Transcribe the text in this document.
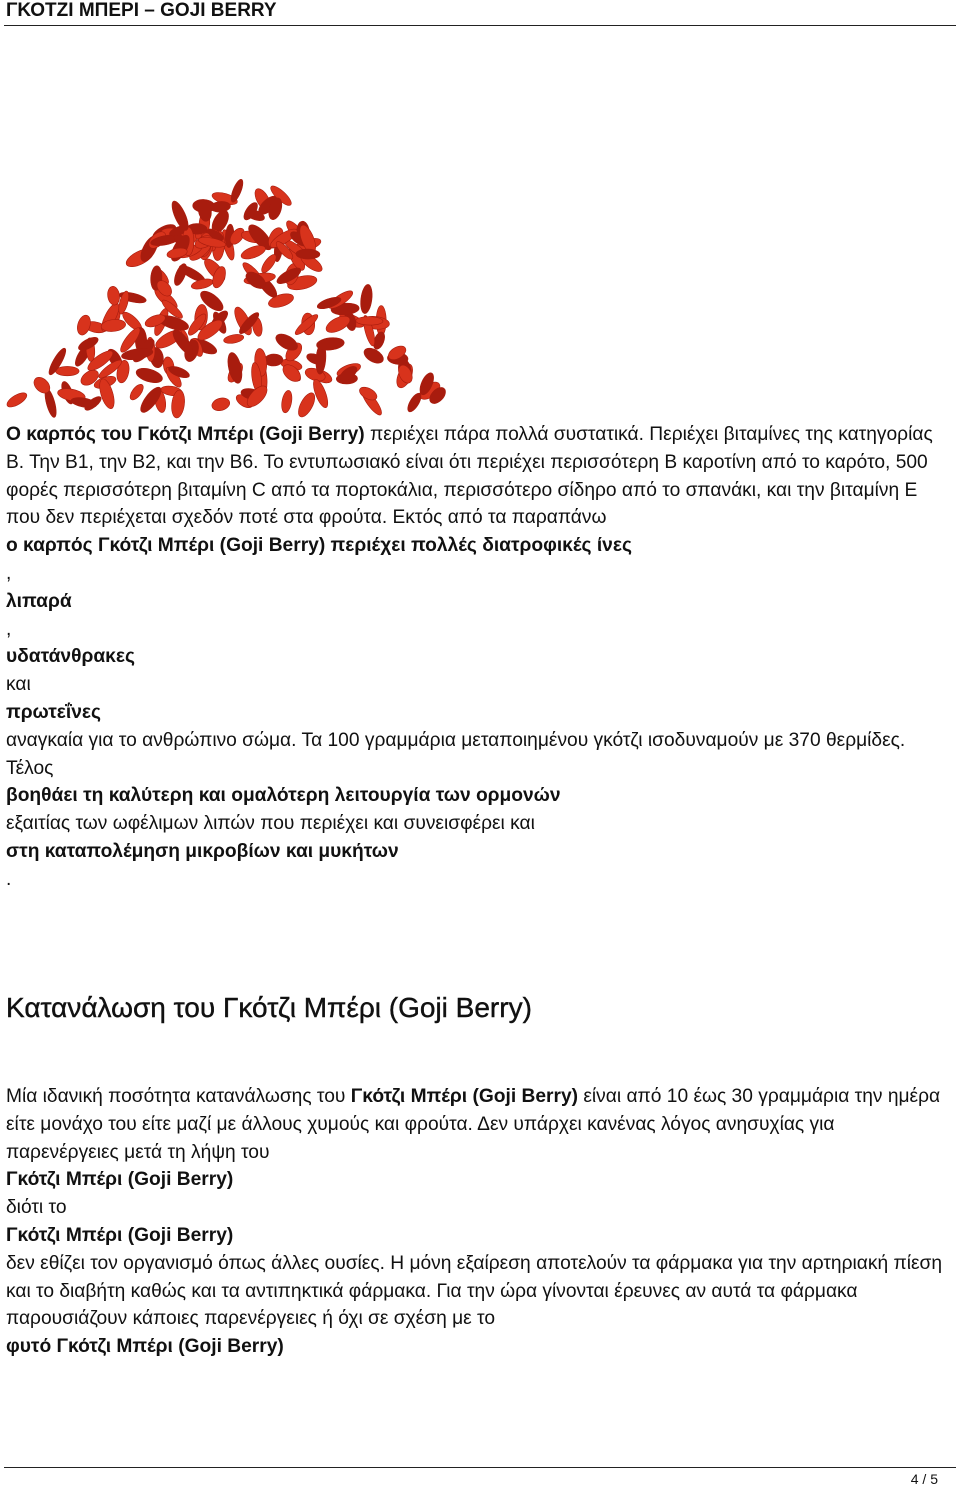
ΓΚΟΤΖΙ ΜΠΕΡΙ – GOJI BERRY

Ο καρπός του Γκότζι Μπέρι (Goji Berry) περιέχει πάρα πολλά συστατικά. Περιέχει βιταμίνες της κατηγορίας Β. Την Β1, την Β2, και την Β6. Το εντυπωσιακό είναι ότι περιέχει περισσότερη Β καροτίνη από το καρότο, 500 φορές περισσότερη βιταμίνη C από τα πορτοκάλια, περισσότερο σίδηρο από το σπανάκι, και την βιταμίνη Ε που δεν περιέχεται σχεδόν ποτέ στα φρούτα. Εκτός από τα παραπάνω
ο καρπός Γκότζι Μπέρι (Goji Berry) περιέχει πολλές διατροφικές ίνες
,
λιπαρά
,
υδατάνθρακες
και
πρωτεΐνες
αναγκαία για το ανθρώπινο σώμα. Τα 100 γραμμάρια μεταποιημένου γκότζι ισοδυναμούν με 370 θερμίδες. Τέλος
βοηθάει τη καλύτερη και ομαλότερη λειτουργία των ορμονών
εξαιτίας των ωφέλιμων λιπών που περιέχει και συνεισφέρει και
στη καταπολέμηση μικροβίων και μυκήτων
.

Κατανάλωση του Γκότζι Μπέρι (Goji Berry)

Μία ιδανική ποσότητα κατανάλωσης του Γκότζι Μπέρι (Goji Berry) είναι από 10 έως 30 γραμμάρια την ημέρα είτε μονάχο του είτε μαζί με άλλους χυμούς και φρούτα. Δεν υπάρχει κανένας λόγος ανησυχίας για παρενέργειες μετά τη λήψη του
Γκότζι Μπέρι (Goji Berry)
διότι το
Γκότζι Μπέρι (Goji Berry)
δεν εθίζει τον οργανισμό όπως άλλες ουσίες. Η μόνη εξαίρεση αποτελούν τα φάρμακα για την αρτηριακή πίεση και το διαβήτη καθώς και τα αντιπηκτικά φάρμακα. Για την ώρα γίνονται έρευνες αν αυτά τα φάρμακα παρουσιάζουν κάποιες παρενέργειες ή όχι σε σχέση με το
φυτό Γκότζι Μπέρι (Goji Berry)

4 / 5
